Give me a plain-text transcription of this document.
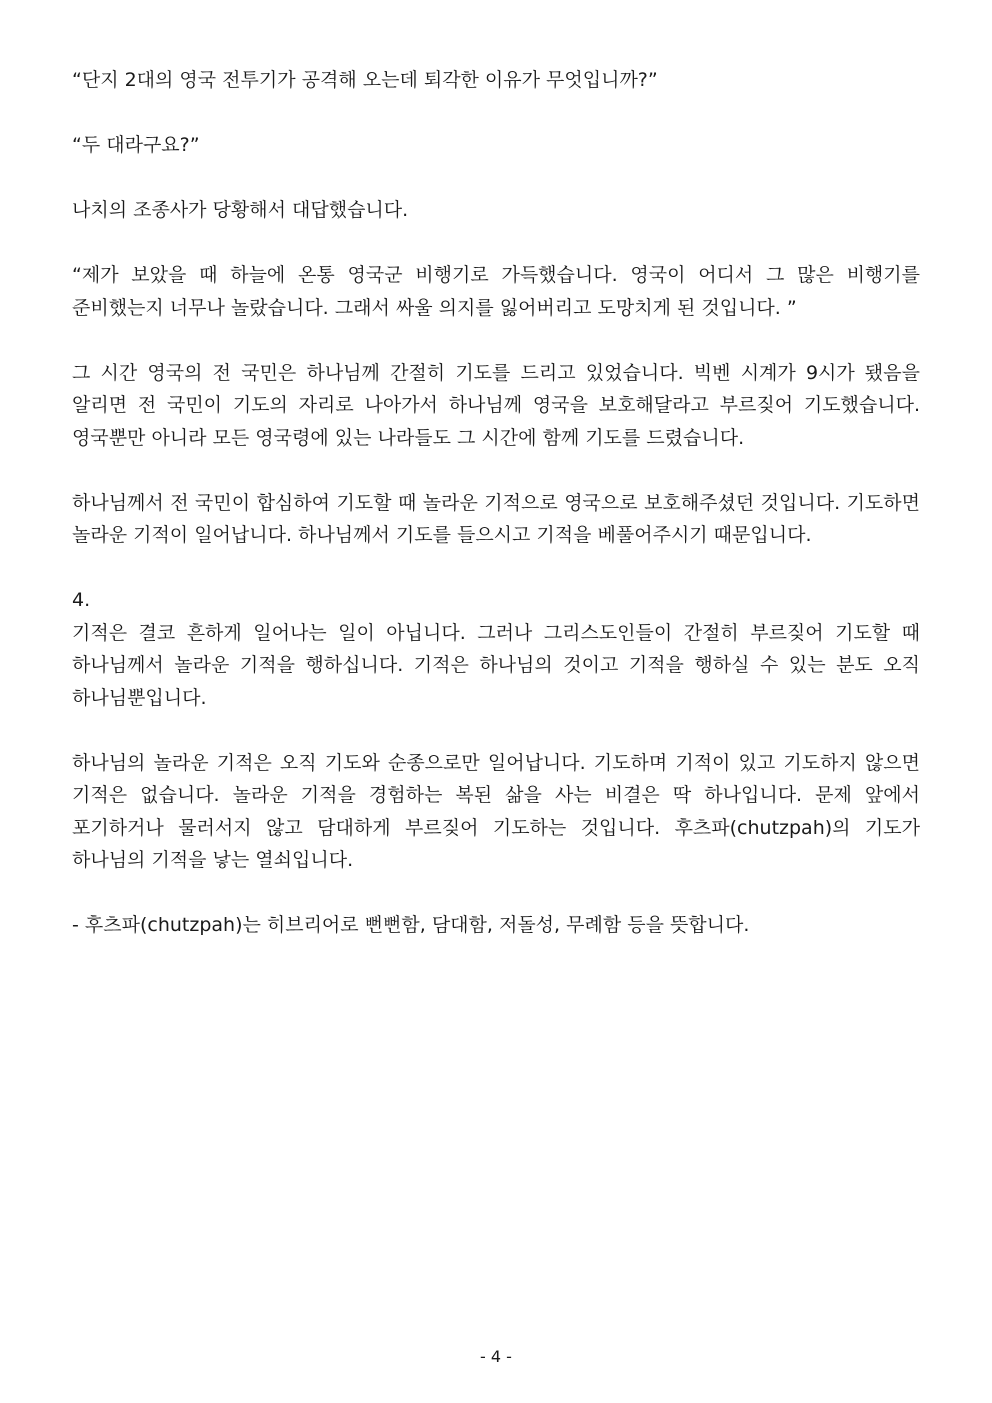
“단지 2대의 영국 전투기가 공격해 오는데 퇴각한 이유가 무엇입니까?”

“두 대라구요?”

나치의 조종사가 당황해서 대답했습니다.

“제가 보았을 때 하늘에 온통 영국군 비행기로 가득했습니다. 영국이 어디서 그 많은 비행기를 준비했는지 너무나 놀랐습니다. 그래서 싸울 의지를 잃어버리고 도망치게 된 것입니다. ”

그 시간 영국의 전 국민은 하나님께 간절히 기도를 드리고 있었습니다. 빅벤 시계가 9시가 됐음을 알리면 전 국민이 기도의 자리로 나아가서 하나님께 영국을 보호해달라고 부르짖어 기도했습니다. 영국뿐만 아니라 모든 영국령에 있는 나라들도 그 시간에 함께 기도를 드렸습니다.

하나님께서 전 국민이 합심하여 기도할 때 놀라운 기적으로 영국으로 보호해주셨던 것입니다. 기도하면 놀라운 기적이 일어납니다. 하나님께서 기도를 들으시고 기적을 베풀어주시기 때문입니다.

4.

기적은 결코 흔하게 일어나는 일이 아닙니다. 그러나 그리스도인들이 간절히 부르짖어 기도할 때 하나님께서 놀라운 기적을 행하십니다. 기적은 하나님의 것이고 기적을 행하실 수 있는 분도 오직 하나님뿐입니다.

하나님의 놀라운 기적은 오직 기도와 순종으로만 일어납니다. 기도하며 기적이 있고 기도하지 않으면 기적은 없습니다. 놀라운 기적을 경험하는 복된 삶을 사는 비결은 딱 하나입니다. 문제 앞에서 포기하거나 물러서지 않고 담대하게 부르짖어 기도하는 것입니다. 후츠파(chutzpah)의 기도가 하나님의 기적을 낳는 열쇠입니다.

- 후츠파(chutzpah)는 히브리어로 뻔뻔함, 담대함, 저돌성, 무례함 등을 뜻합니다.

- 4 -
